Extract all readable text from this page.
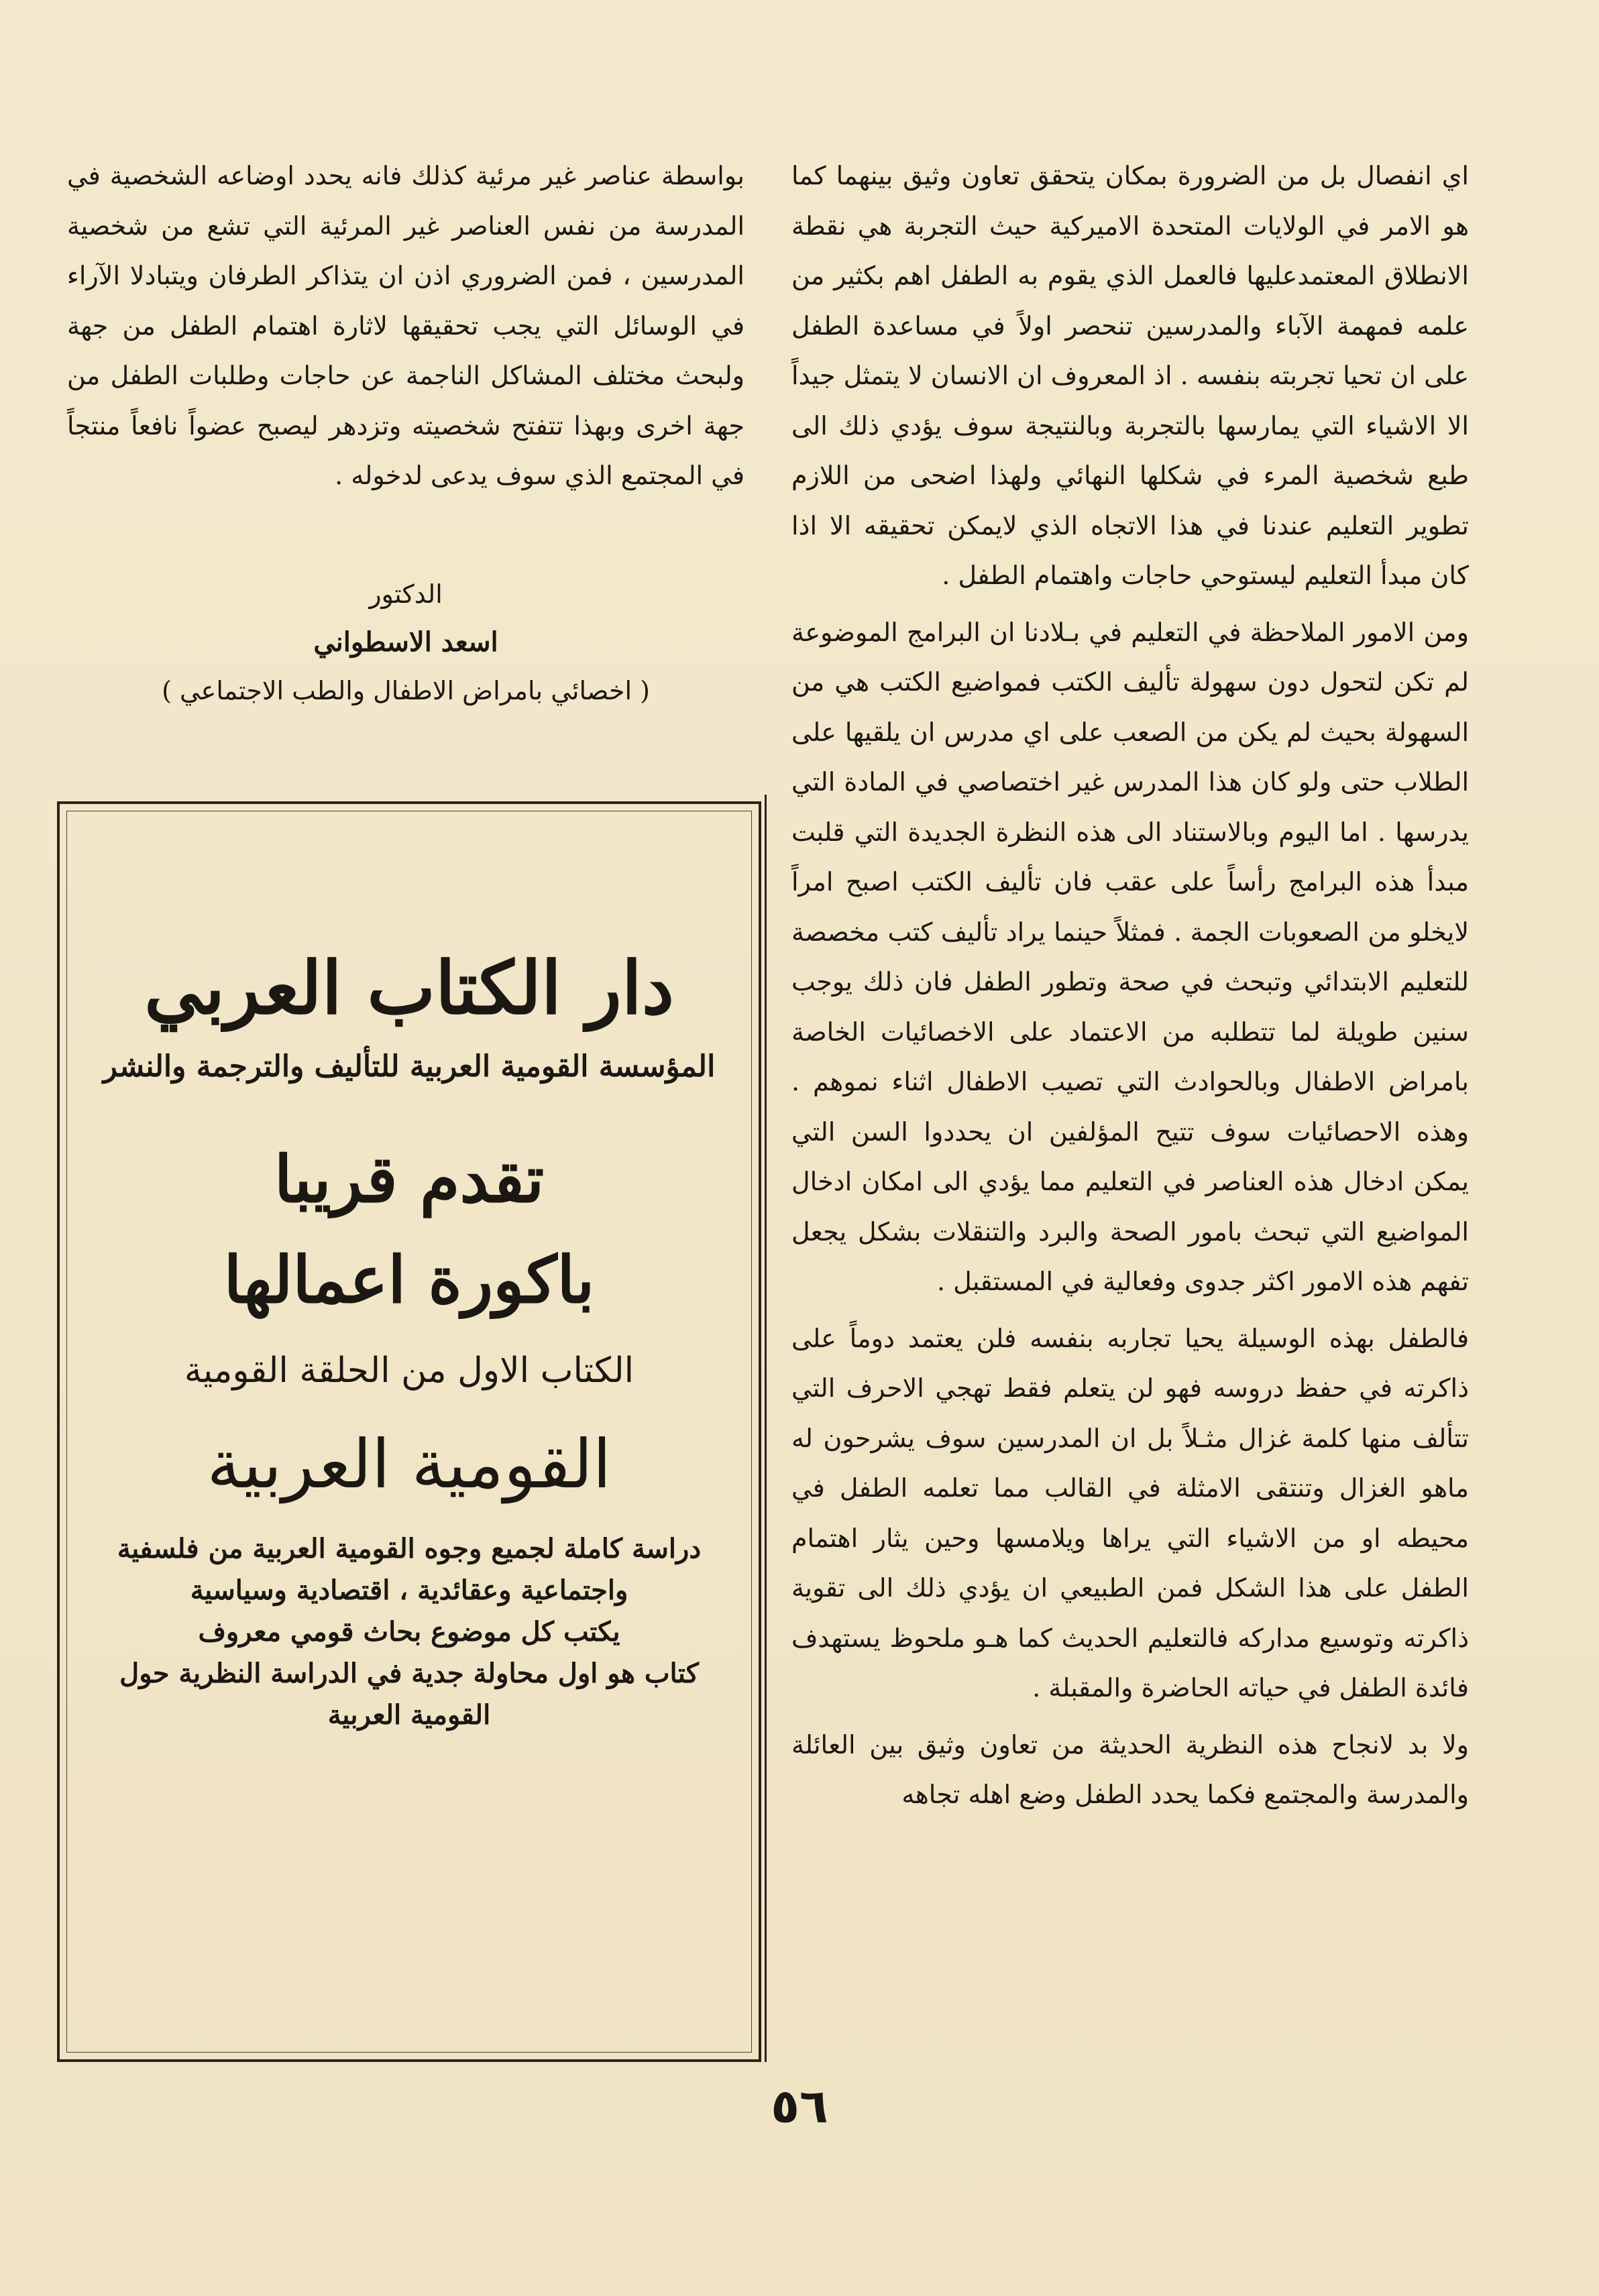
اي انفصال بل من الضرورة بمكان يتحقق تعاون وثيق بينهما كما هو الامر في الولايات المتحدة الاميركية حيث التجربة هي نقطة الانطلاق المعتمدعليها فالعمل الذي يقوم به الطفل اهم بكثير من علمه فمهمة الآباء والمدرسين تنحصر اولاً في مساعدة الطفل على ان تحيا تجربته بنفسه . اذ المعروف ان الانسان لا يتمثل جيداً الا الاشياء التي يمارسها بالتجربة وبالنتيجة سوف يؤدي ذلك الى طبع شخصية المرء في شكلها النهائي ولهذا اضحى من اللازم تطوير التعليم عندنا في هذا الاتجاه الذي لايمكن تحقيقه الا اذا كان مبدأ التعليم ليستوحي حاجات واهتمام الطفل .

ومن الامور الملاحظة في التعليم في بـلادنا ان البرامج الموضوعة لم تكن لتحول دون سهولة تأليف الكتب فمواضيع الكتب هي من السهولة بحيث لم يكن من الصعب على اي مدرس ان يلقيها على الطلاب حتى ولو كان هذا المدرس غير اختصاصي في المادة التي يدرسها . اما اليوم وبالاستناد الى هذه النظرة الجديدة التي قلبت مبدأ هذه البرامج رأساً على عقب فان تأليف الكتب اصبح امراً لايخلو من الصعوبات الجمة . فمثلاً حينما يراد تأليف كتب مخصصة للتعليم الابتدائي وتبحث في صحة وتطور الطفل فان ذلك يوجب سنين طويلة لما تتطلبه من الاعتماد على الاخصائيات الخاصة بامراض الاطفال وبالحوادث التي تصيب الاطفال اثناء نموهم . وهذه الاحصائيات سوف تتيح المؤلفين ان يحددوا السن التي يمكن ادخال هذه العناصر في التعليم مما يؤدي الى امكان ادخال المواضيع التي تبحث بامور الصحة والبرد والتنقلات بشكل يجعل تفهم هذه الامور اكثر جدوى وفعالية في المستقبل .

فالطفل بهذه الوسيلة يحيا تجاربه بنفسه فلن يعتمد دوماً على ذاكرته في حفظ دروسه فهو لن يتعلم فقط تهجي الاحرف التي تتألف منها كلمة غزال مثـلاً بل ان المدرسين سوف يشرحون له ماهو الغزال وتنتقى الامثلة في القالب مما تعلمه الطفل في محيطه او من الاشياء التي يراها ويلامسها وحين يثار اهتمام الطفل على هذا الشكل فمن الطبيعي ان يؤدي ذلك الى تقوية ذاكرته وتوسيع مداركه فالتعليم الحديث كما هـو ملحوظ يستهدف فائدة الطفل في حياته الحاضرة والمقبلة .

ولا بد لانجاح هذه النظرية الحديثة من تعاون وثيق بين العائلة والمدرسة والمجتمع فكما يحدد الطفل وضع اهله تجاهه

بواسطة عناصر غير مرئية كذلك فانه يحدد اوضاعه الشخصية في المدرسة من نفس العناصر غير المرئية التي تشع من شخصية المدرسين ، فمن الضروري اذن ان يتذاكر الطرفان ويتبادلا الآراء في الوسائل التي يجب تحقيقها لاثارة اهتمام الطفل من جهة ولبحث مختلف المشاكل الناجمة عن حاجات وطلبات الطفل من جهة اخرى وبهذا تتفتح شخصيته وتزدهر ليصبح عضواً نافعاً منتجاً في المجتمع الذي سوف يدعى لدخوله .

الدكتور

اسعد الاسطواني

( اخصائي بامراض الاطفال والطب الاجتماعي )

دار الكتاب العربي
المؤسسة القومية العربية للتأليف والترجمة والنشر
تقدم قريبا
باكورة اعمالها
الكتاب الاول من الحلقة القومية
القومية العربية

دراسة كاملة لجميع وجوه القومية العربية من فلسفية واجتماعية وعقائدية ، اقتصادية وسياسية

يكتب كل موضوع بحاث قومي معروف

كتاب هو اول محاولة جدية في الدراسة النظرية حول القومية العربية

٥٦
